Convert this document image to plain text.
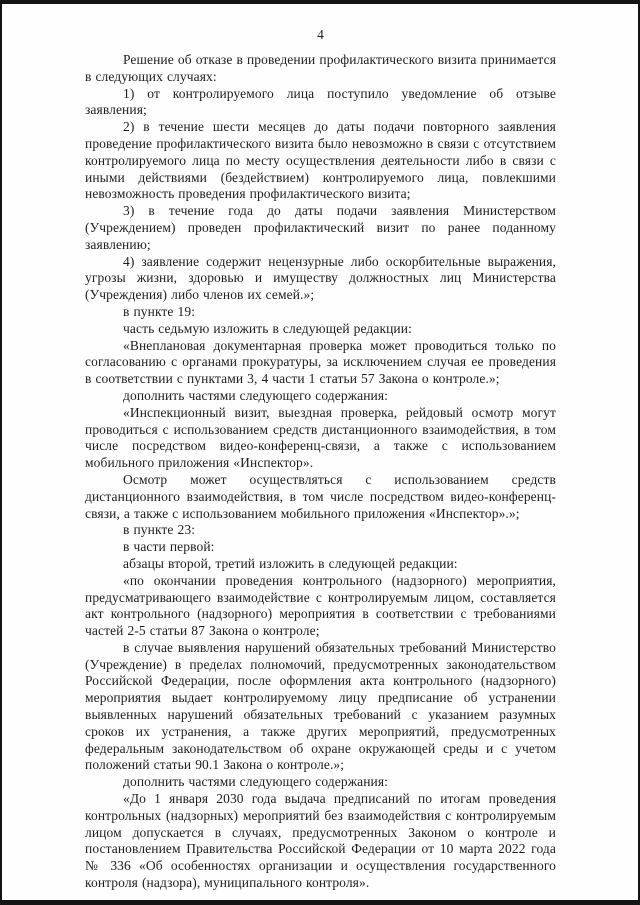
4

Решение об отказе в проведении профилактического визита принимается в следующих случаях:

1) от контролируемого лица поступило уведомление об отзыве заявления;

2) в течение шести месяцев до даты подачи повторного заявления проведение профилактического визита было невозможно в связи с отсутствием контролируемого лица по месту осуществления деятельности либо в связи с иными действиями (бездействием) контролируемого лица, повлекшими невозможность проведения профилактического визита;

3) в течение года до даты подачи заявления Министерством (Учреждением) проведен профилактический визит по ранее поданному заявлению;

4) заявление содержит нецензурные либо оскорбительные выражения, угрозы жизни, здоровью и имуществу должностных лиц Министерства (Учреждения) либо членов их семей.»;

в пункте 19:

часть седьмую изложить в следующей редакции:

«Внеплановая документарная проверка может проводиться только по согласованию с органами прокуратуры, за исключением случая ее проведения в соответствии с пунктами 3, 4 части 1 статьи 57 Закона о контроле.»;

дополнить частями следующего содержания:

«Инспекционный визит, выездная проверка, рейдовый осмотр могут проводиться с использованием средств дистанционного взаимодействия, в том числе посредством видео-конференц-связи, а также с использованием мобильного приложения «Инспектор».

Осмотр может осуществляться с использованием средств дистанционного взаимодействия, в том числе посредством видео-конференц-связи, а также с использованием мобильного приложения «Инспектор».»;

в пункте 23:

в части первой:

абзацы второй, третий изложить в следующей редакции:

«по окончании проведения контрольного (надзорного) мероприятия, предусматривающего взаимодействие с контролируемым лицом, составляется акт контрольного (надзорного) мероприятия в соответствии с требованиями частей 2-5 статьи 87 Закона о контроле;

в случае выявления нарушений обязательных требований Министерство (Учреждение) в пределах полномочий, предусмотренных законодательством Российской Федерации, после оформления акта контрольного (надзорного) мероприятия выдает контролируемому лицу предписание об устранении выявленных нарушений обязательных требований с указанием разумных сроков их устранения, а также других мероприятий, предусмотренных федеральным законодательством об охране окружающей среды и с учетом положений статьи 90.1 Закона о контроле.»;

дополнить частями следующего содержания:

«До 1 января 2030 года выдача предписаний по итогам проведения контрольных (надзорных) мероприятий без взаимодействия с контролируемым лицом допускается в случаях, предусмотренных Законом о контроле и постановлением Правительства Российской Федерации от 10 марта 2022 года № 336 «Об особенностях организации и осуществления государственного контроля (надзора), муниципального контроля».
